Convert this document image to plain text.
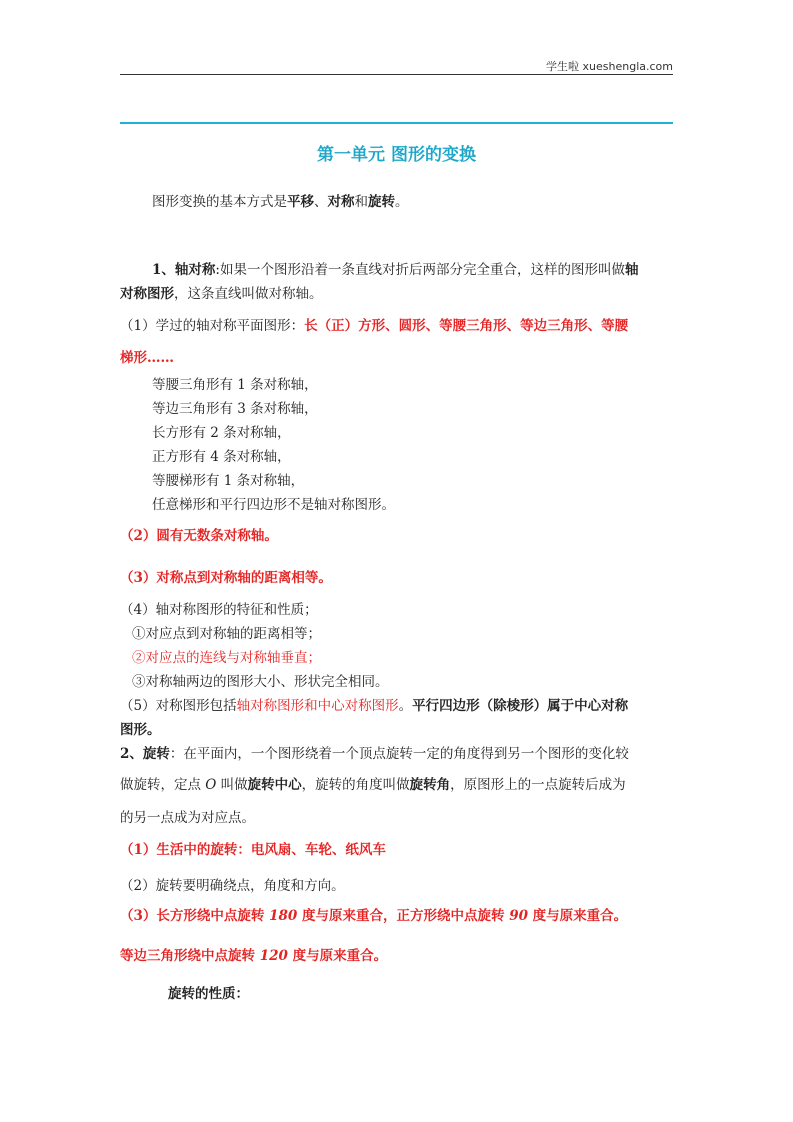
学生啦 xueshengla.com
第一单元 图形的变换
图形变换的基本方式是平移、对称和旋转。
1、轴对称:如果一个图形沿着一条直线对折后两部分完全重合，这样的图形叫做轴
对称图形，这条直线叫做对称轴。
（1）学过的轴对称平面图形：长（正）方形、圆形、等腰三角形、等边三角形、等腰
梯形……
等腰三角形有 1 条对称轴，
等边三角形有 3 条对称轴，
长方形有 2 条对称轴，
正方形有 4 条对称轴，
等腰梯形有 1 条对称轴，
任意梯形和平行四边形不是轴对称图形。
（2）圆有无数条对称轴。
（3）对称点到对称轴的距离相等。
（4）轴对称图形的特征和性质；
①对应点到对称轴的距离相等；
②对应点的连线与对称轴垂直；
③对称轴两边的图形大小、形状完全相同。
（5）对称图形包括轴对称图形和中心对称图形。平行四边形（除棱形）属于中心对称
图形。
2、旋转：在平面内，一个图形绕着一个顶点旋转一定的角度得到另一个图形的变化较
做旋转，定点 O 叫做旋转中心，旋转的角度叫做旋转角，原图形上的一点旋转后成为
的另一点成为对应点。
（1）生活中的旋转：电风扇、车轮、纸风车
（2）旋转要明确绕点，角度和方向。
（3）长方形绕中点旋转 180 度与原来重合，正方形绕中点旋转 90 度与原来重合。
等边三角形绕中点旋转 120 度与原来重合。
旋转的性质：
